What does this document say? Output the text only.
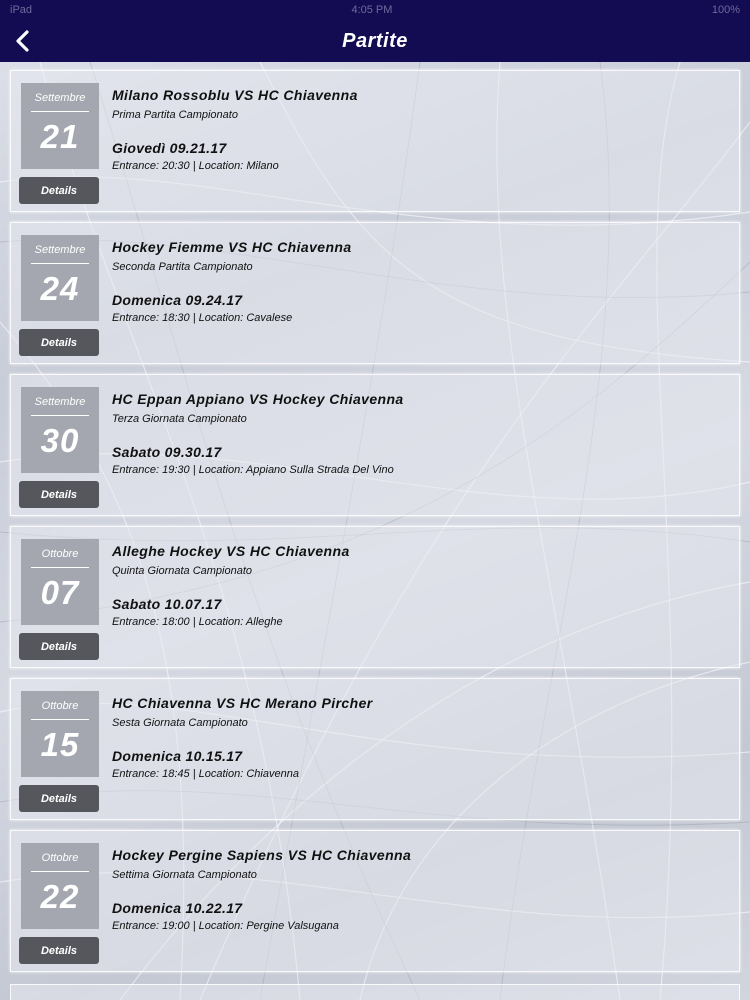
iPad	4:05 PM	100%
Partite
Settembre
21
Details
Milano Rossoblu VS HC Chiavenna
Prima Partita Campionato
Giovedì 09.21.17
Entrance: 20:30 | Location: Milano
Settembre
24
Details
Hockey Fiemme VS HC Chiavenna
Seconda Partita Campionato
Domenica 09.24.17
Entrance: 18:30 | Location: Cavalese
Settembre
30
Details
HC Eppan Appiano VS Hockey Chiavenna
Terza Giornata Campionato
Sabato 09.30.17
Entrance: 19:30 | Location: Appiano Sulla Strada Del Vino
Ottobre
07
Details
Alleghe Hockey VS HC Chiavenna
Quinta Giornata Campionato
Sabato 10.07.17
Entrance: 18:00 | Location: Alleghe
Ottobre
15
Details
HC Chiavenna VS HC Merano Pircher
Sesta Giornata Campionato
Domenica 10.15.17
Entrance: 18:45 | Location: Chiavenna
Ottobre
22
Details
Hockey Pergine Sapiens VS HC Chiavenna
Settima Giornata Campionato
Domenica 10.22.17
Entrance: 19:00 | Location: Pergine Valsugana
